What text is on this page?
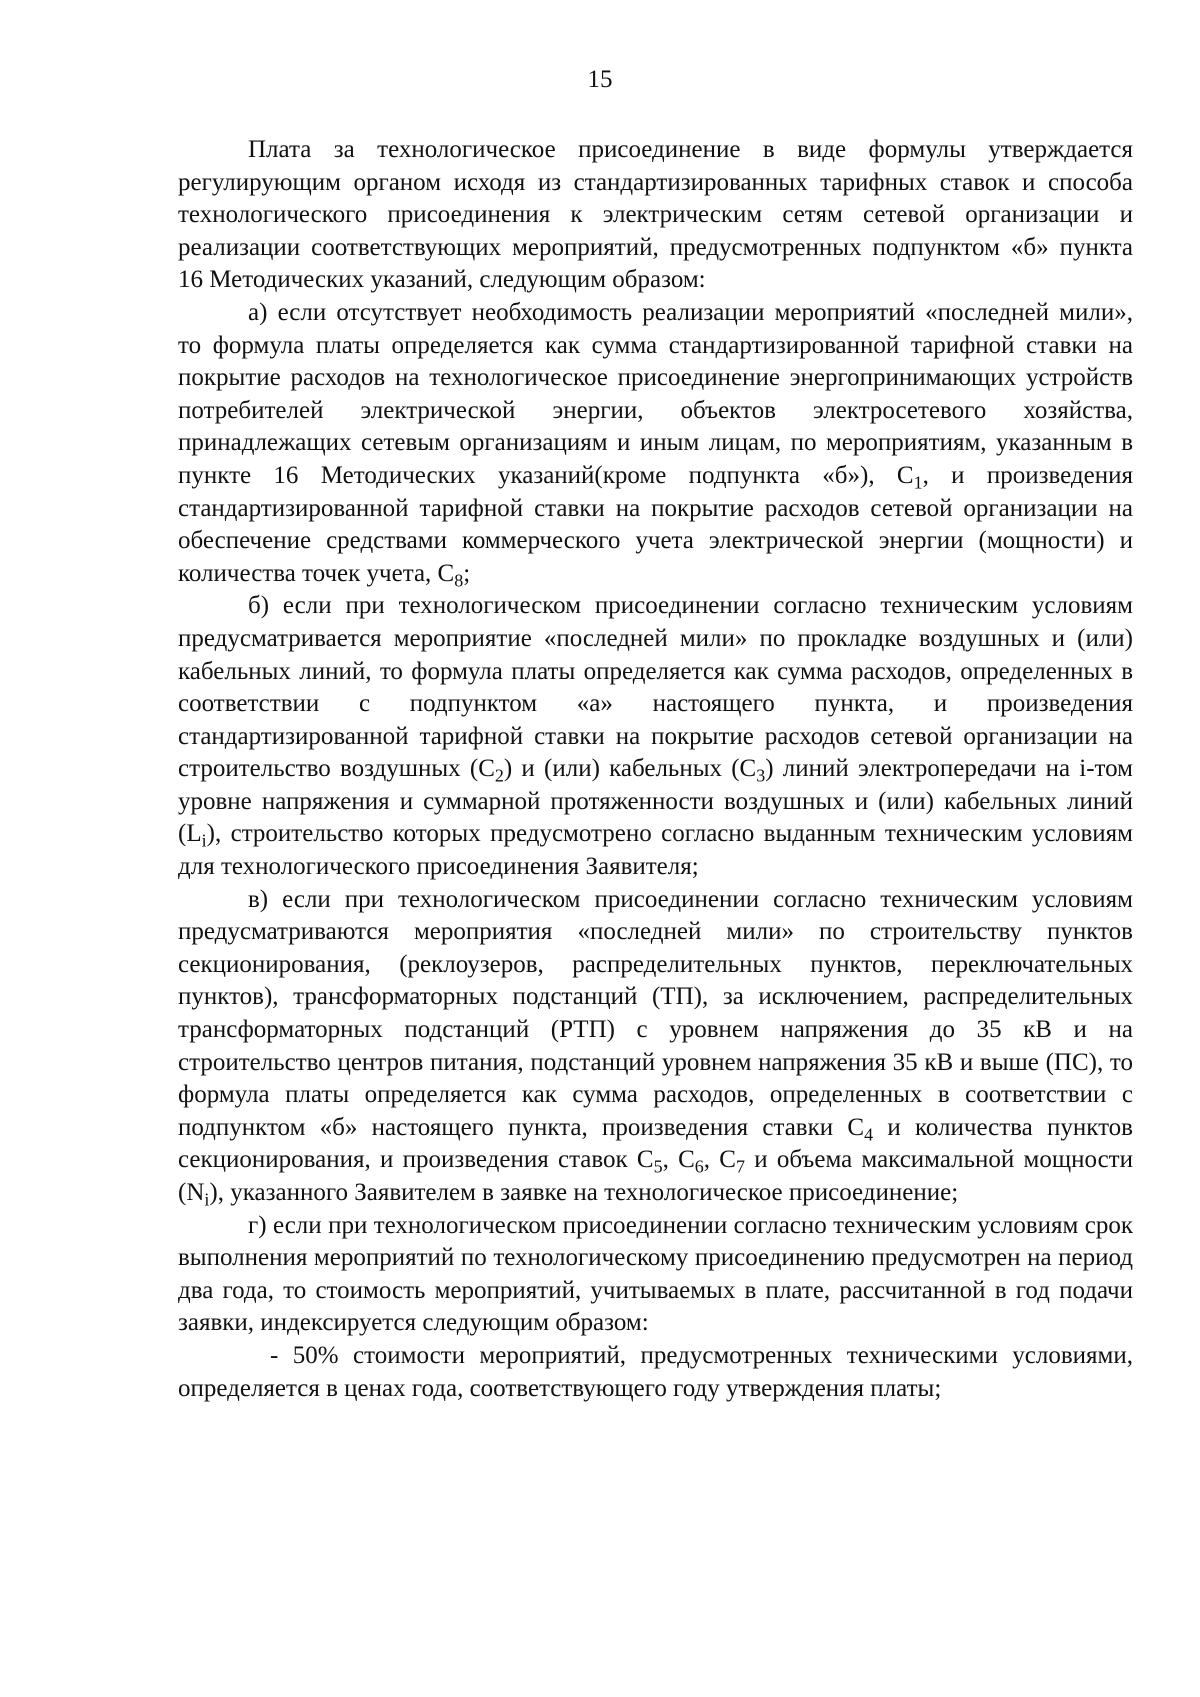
15

Плата за технологическое присоединение в виде формулы утверждается регулирующим органом исходя из стандартизированных тарифных ставок и способа технологического присоединения к электрическим сетям сетевой организации и реализации соответствующих мероприятий, предусмотренных подпунктом «б» пункта 16 Методических указаний, следующим образом:

а) если отсутствует необходимость реализации мероприятий «последней мили», то формула платы определяется как сумма стандартизированной тарифной ставки на покрытие расходов на технологическое присоединение энергопринимающих устройств потребителей электрической энергии, объектов электросетевого хозяйства, принадлежащих сетевым организациям и иным лицам, по мероприятиям, указанным в пункте 16 Методических указаний(кроме подпункта «б»), $С_1$, и произведения стандартизированной тарифной ставки на покрытие расходов сетевой организации на обеспечение средствами коммерческого учета электрической энергии (мощности) и количества точек учета, $С_8$;

б) если при технологическом присоединении согласно техническим условиям предусматривается мероприятие «последней мили» по прокладке воздушных и (или) кабельных линий, то формула платы определяется как сумма расходов, определенных в соответствии с подпунктом «а» настоящего пункта, и произведения стандартизированной тарифной ставки на покрытие расходов сетевой организации на строительство воздушных $(С_2)$ и (или) кабельных $(С_3)$ линий электропередачи на i-том уровне напряжения и суммарной протяженности воздушных и (или) кабельных линий $(L_i)$, строительство которых предусмотрено согласно выданным техническим условиям для технологического присоединения Заявителя;

в) если при технологическом присоединении согласно техническим условиям предусматриваются мероприятия «последней мили» по строительству пунктов секционирования, (реклоузеров, распределительных пунктов, переключательных пунктов), трансформаторных подстанций (ТП), за исключением, распределительных трансформаторных подстанций (РТП) с уровнем напряжения до 35 кВ и на строительство центров питания, подстанций уровнем напряжения 35 кВ и выше (ПС), то формула платы определяется как сумма расходов, определенных в соответствии с подпунктом «б» настоящего пункта, произведения ставки $С_4$ и количества пунктов секционирования, и произведения ставок $С_5$, $С_6$, $С_7$ и объема максимальной мощности $(N_i)$, указанного Заявителем в заявке на технологическое присоединение;

г) если при технологическом присоединении согласно техническим условиям срок выполнения мероприятий по технологическому присоединению предусмотрен на период два года, то стоимость мероприятий, учитываемых в плате, рассчитанной в год подачи заявки, индексируется следующим образом:

- 50% стоимости мероприятий, предусмотренных техническими условиями, определяется в ценах года, соответствующего году утверждения платы;
